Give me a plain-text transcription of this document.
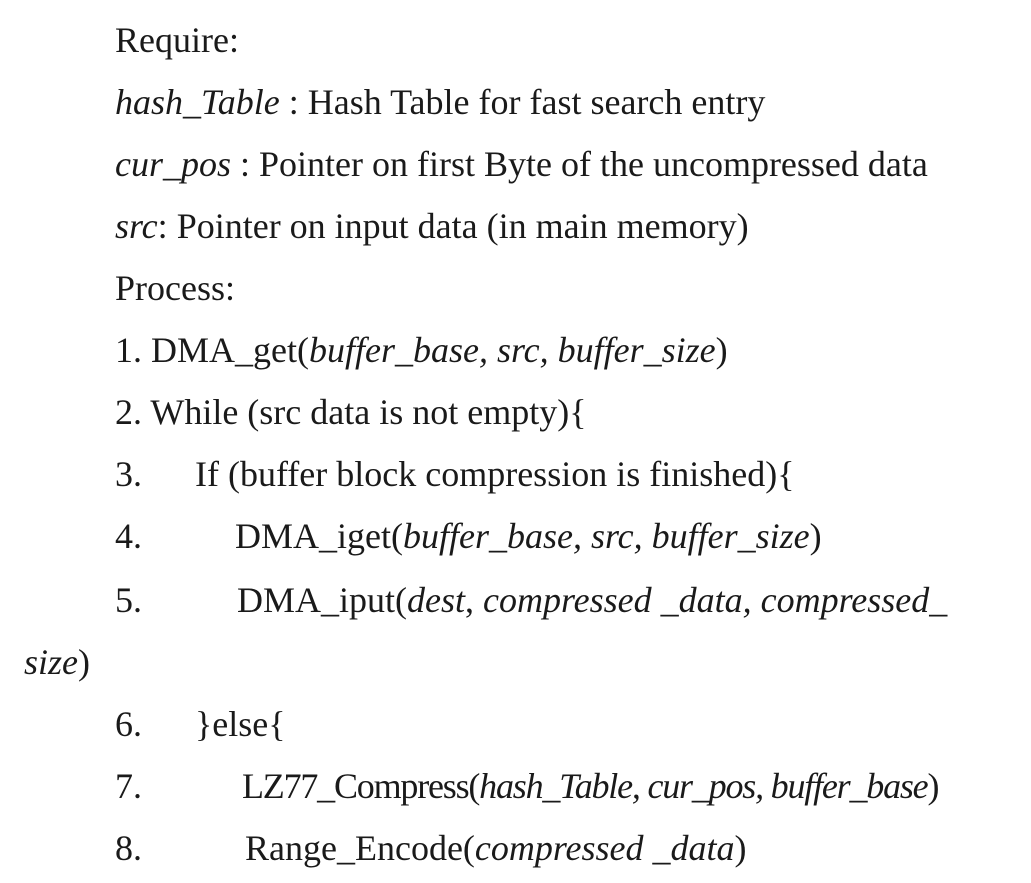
Require:
hash_Table : Hash Table for fast search entry
cur_pos : Pointer on first Byte of the uncompressed data
src: Pointer on input data (in main memory)
Process:
1. DMA_get(buffer_base, src, buffer_size)
2. While (src data is not empty){
3. If (buffer block compression is finished){
4.	DMA_iget(buffer_base, src, buffer_size)
5.	DMA_iput(dest, compressed _data, compressed_
size)
6. }else{
7.	LZ77_Compress(hash_Table, cur_pos, buffer_base)
8.	Range_Encode(compressed _data)
